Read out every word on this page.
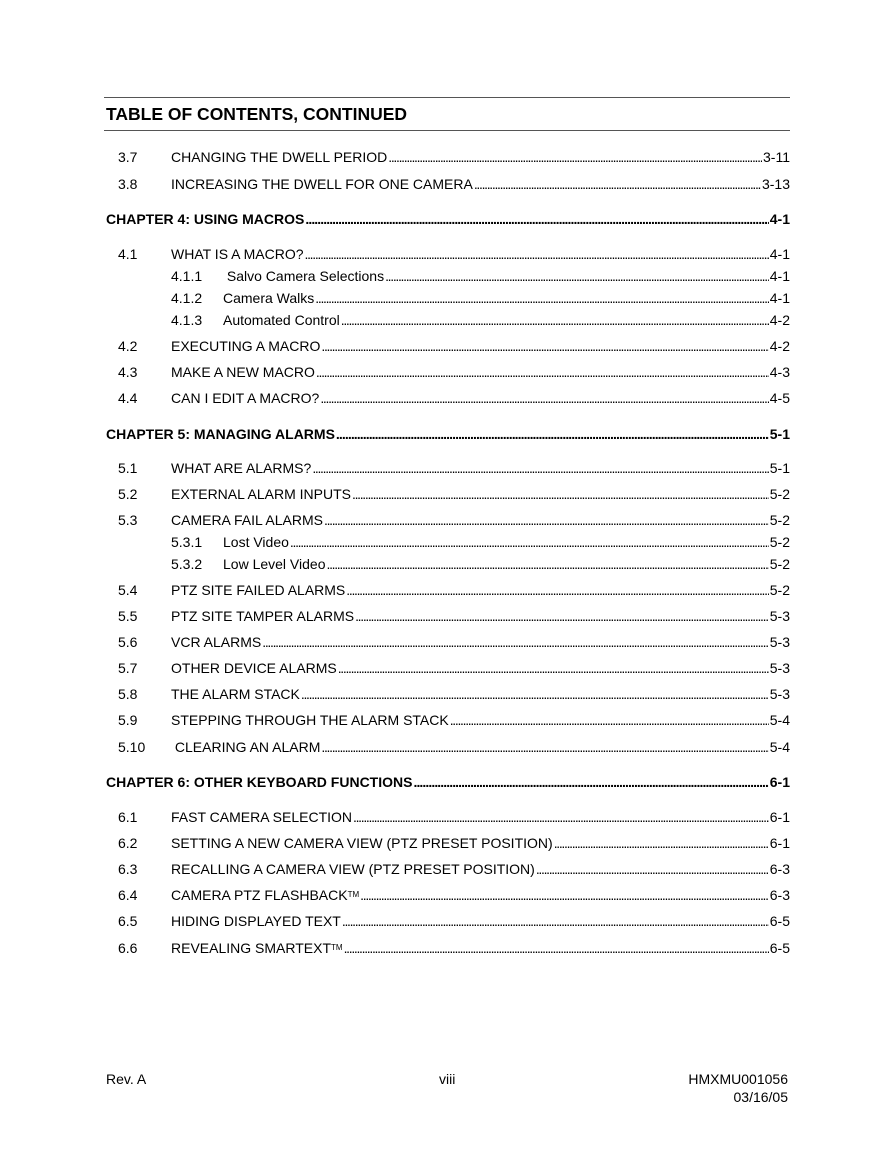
TABLE OF CONTENTS, CONTINUED
3.7 CHANGING THE DWELL PERIOD . . .	3-11
3.8 INCREASING THE DWELL FOR ONE CAMERA . . .	3-13
CHAPTER 4: USING MACROS . . .	4-1
4.1 WHAT IS A MACRO? . . .	4-1
4.1.1 Salvo Camera Selections . . .	4-1
4.1.2 Camera Walks . . .	4-1
4.1.3 Automated Control . . .	4-2
4.2 EXECUTING A MACRO . . .	4-2
4.3 MAKE A NEW MACRO . . .	4-3
4.4 CAN I EDIT A MACRO? . . .	4-5
CHAPTER 5: MANAGING ALARMS . . .	5-1
5.1 WHAT ARE ALARMS? . . .	5-1
5.2 EXTERNAL ALARM INPUTS . . .	5-2
5.3 CAMERA FAIL ALARMS . . .	5-2
5.3.1 Lost Video . . .	5-2
5.3.2 Low Level Video . . .	5-2
5.4 PTZ SITE FAILED ALARMS . . .	5-2
5.5 PTZ SITE TAMPER ALARMS . . .	5-3
5.6 VCR ALARMS . . .	5-3
5.7 OTHER DEVICE ALARMS . . .	5-3
5.8 THE ALARM STACK . . .	5-3
5.9 STEPPING THROUGH THE ALARM STACK . . .	5-4
5.10 CLEARING AN ALARM . . .	5-4
CHAPTER 6: OTHER KEYBOARD FUNCTIONS . . .	6-1
6.1 FAST CAMERA SELECTION . . .	6-1
6.2 SETTING A NEW CAMERA VIEW (PTZ PRESET POSITION) . . .	6-1
6.3 RECALLING A CAMERA VIEW (PTZ PRESET POSITION) . . .	6-3
6.4 CAMERA PTZ FLASHBACK™ . . .	6-3
6.5 HIDING DISPLAYED TEXT . . .	6-5
6.6 REVEALING SMARTEXT™ . . .	6-5
Rev. A	viii	HMXMU001056
03/16/05
